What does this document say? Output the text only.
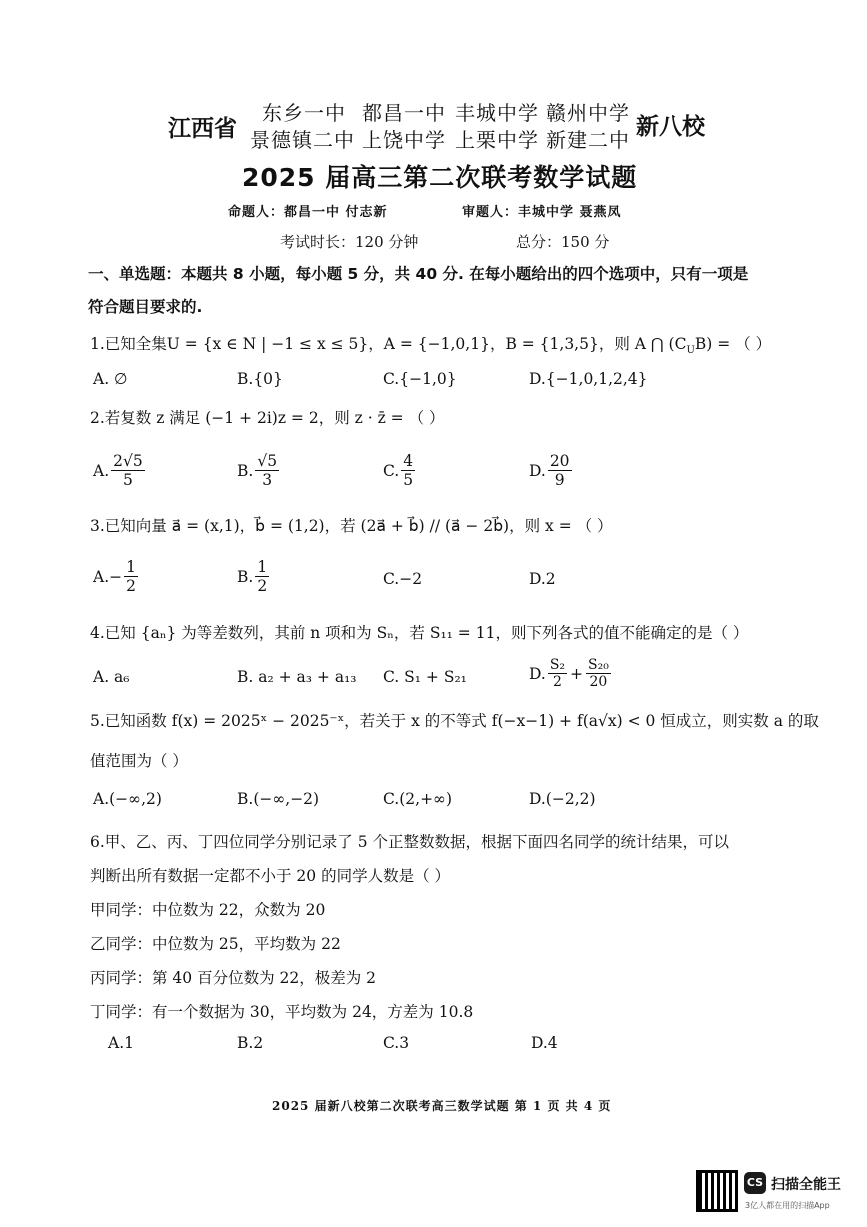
江西省
东乡一中 都昌一中 丰城中学 赣州中学
景德镇二中 上饶中学 上栗中学 新建二中 新八校
2025 届高三第二次联考数学试题
命题人：都昌一中 付志新	审题人：丰城中学 聂燕凤
考试时长：120 分钟	总分：150 分
一、单选题：本题共 8 小题，每小题 5 分，共 40 分. 在每小题给出的四个选项中，只有一项是
符合题目要求的.
1.已知全集U = {x ∈ N | −1 ≤ x ≤ 5}，A = {−1,0,1}，B = {1,3,5}，则 A ⋂ $(C_UB)$ = （ ）
A. ∅	B.{0}	C.{−1,0}	D.{−1,0,1,2,4}
2.若复数 z 满足 (−1 + 2i)z = 2，则 z · z̄ = （ ）
A.
2√5
5
B.
√5
3
C.
4
5
D.
20
9
3.已知向量 a⃗ = (x,1)，b⃗ = (1,2)，若 (2a⃗ + b⃗) // (a⃗ − 2b⃗)，则 x = （ ）
$A.- \frac{1}{2}$	B.
1
2	C.−2	D.2
4.已知 {aₙ} 为等差数列，其前 n 项和为 Sₙ，若 S₁₁ = 11，则下列各式的值不能确定的是（ ）
A. a₆	B. a₂ + a₃ + a₁₃ C. S₁ + S₂₁	D. S₂
$2 + \frac{\text{S₂₀}}{20}$
5.已知函数 f(x) = 2025ˣ − 2025⁻ˣ，若关于 x 的不等式 f(−x−1) + f(a√x) < 0 恒成立，则实数 a 的取
值范围为（ ）
A.(−∞,2)	B.(−∞,−2)	C.(2,+∞)	D.(−2,2)
6.甲、乙、丙、丁四位同学分别记录了 5 个正整数数据，根据下面四名同学的统计结果，可以
判断出所有数据一定都不小于 20 的同学人数是（ ）
甲同学：中位数为 22，众数为 20
乙同学：中位数为 25，平均数为 22
丙同学：第 40 百分位数为 22，极差为 2
丁同学：有一个数据为 30，平均数为 24，方差为 10.8
A.1	B.2	C.3	D.4
2025 届新八校第二次联考高三数学试题 第 1 页 共 4 页
CS 扫描全能王
3亿人都在用的扫描App
